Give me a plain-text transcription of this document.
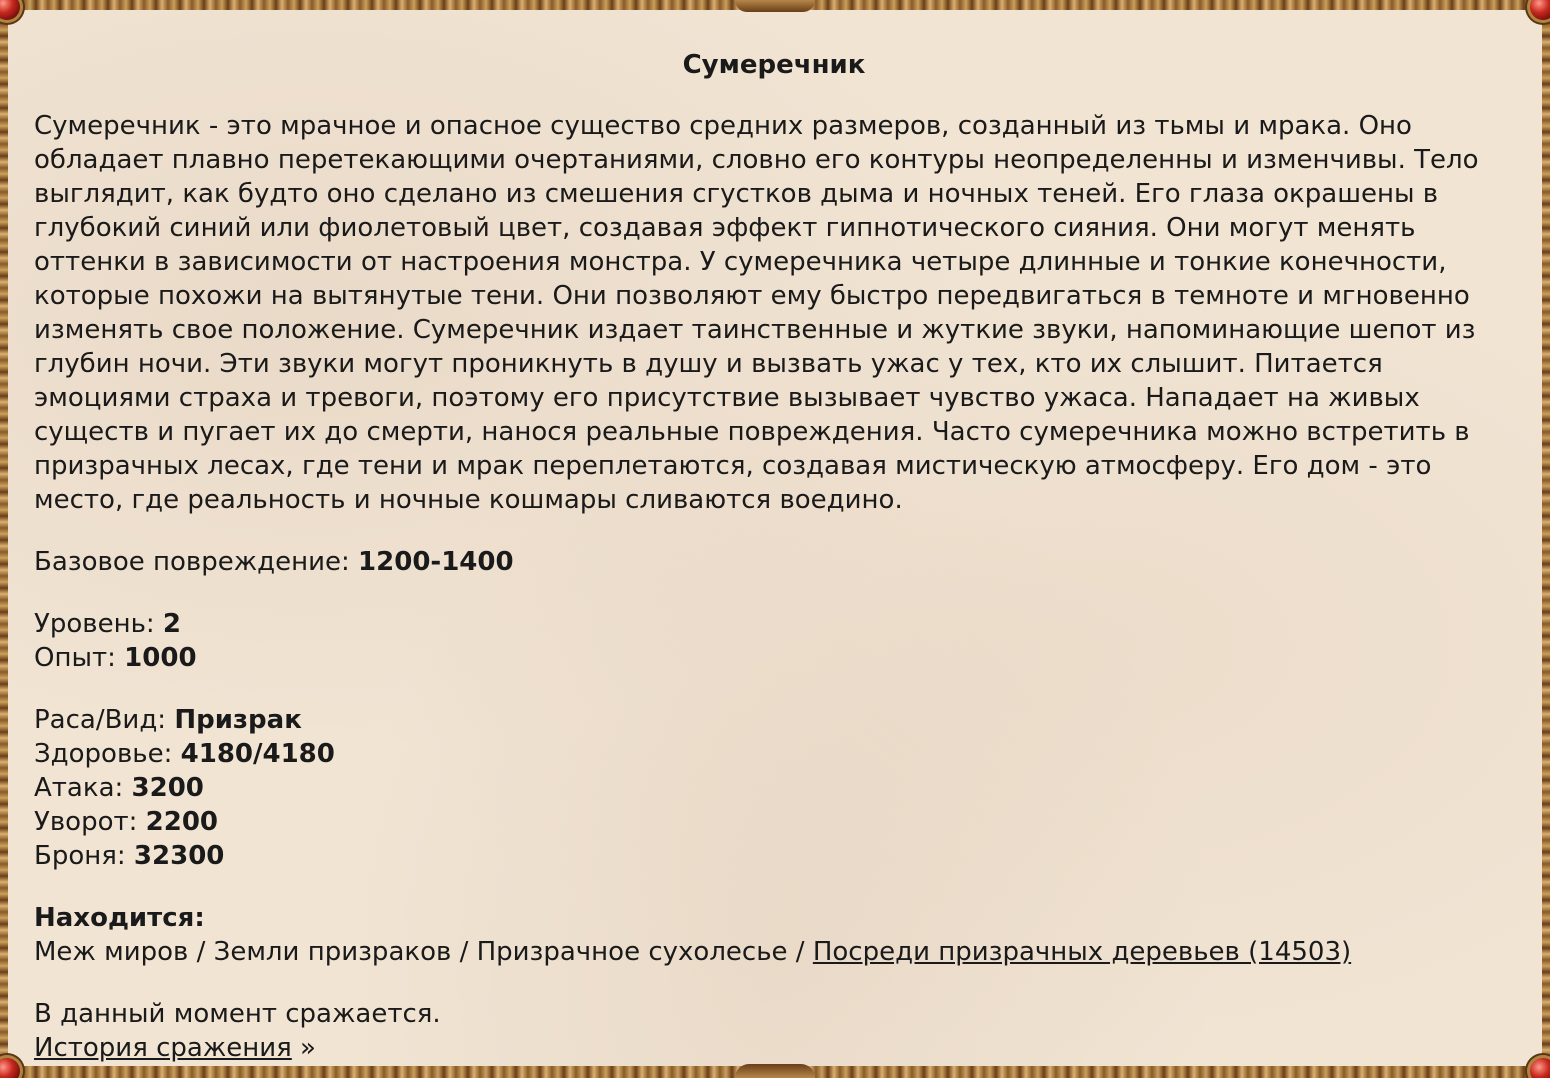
Сумеречник
Сумеречник - это мрачное и опасное существо средних размеров, созданный из тьмы и мрака. Оно обладает плавно перетекающими очертаниями, словно его контуры неопределенны и изменчивы. Тело выглядит, как будто оно сделано из смешения сгустков дыма и ночных теней. Его глаза окрашены в глубокий синий или фиолетовый цвет, создавая эффект гипнотического сияния. Они могут менять оттенки в зависимости от настроения монстра. У сумеречника четыре длинные и тонкие конечности, которые похожи на вытянутые тени. Они позволяют ему быстро передвигаться в темноте и мгновенно изменять свое положение. Сумеречник издает таинственные и жуткие звуки, напоминающие шепот из глубин ночи. Эти звуки могут проникнуть в душу и вызвать ужас у тех, кто их слышит. Питается эмоциями страха и тревоги, поэтому его присутствие вызывает чувство ужаса. Нападает на живых существ и пугает их до смерти, нанося реальные повреждения. Часто сумеречника можно встретить в призрачных лесах, где тени и мрак переплетаются, создавая мистическую атмосферу. Его дом - это место, где реальность и ночные кошмары сливаются воедино.
Базовое повреждение: 1200-1400
Уровень: 2
Опыт: 1000
Раса/Вид: Призрак
Здоровье: 4180/4180
Атака: 3200
Уворот: 2200
Броня: 32300
Находится:
Меж миров / Земли призраков / Призрачное сухолесье / Посреди призрачных деревьев (14503)
В данный момент сражается.
История сражения »
